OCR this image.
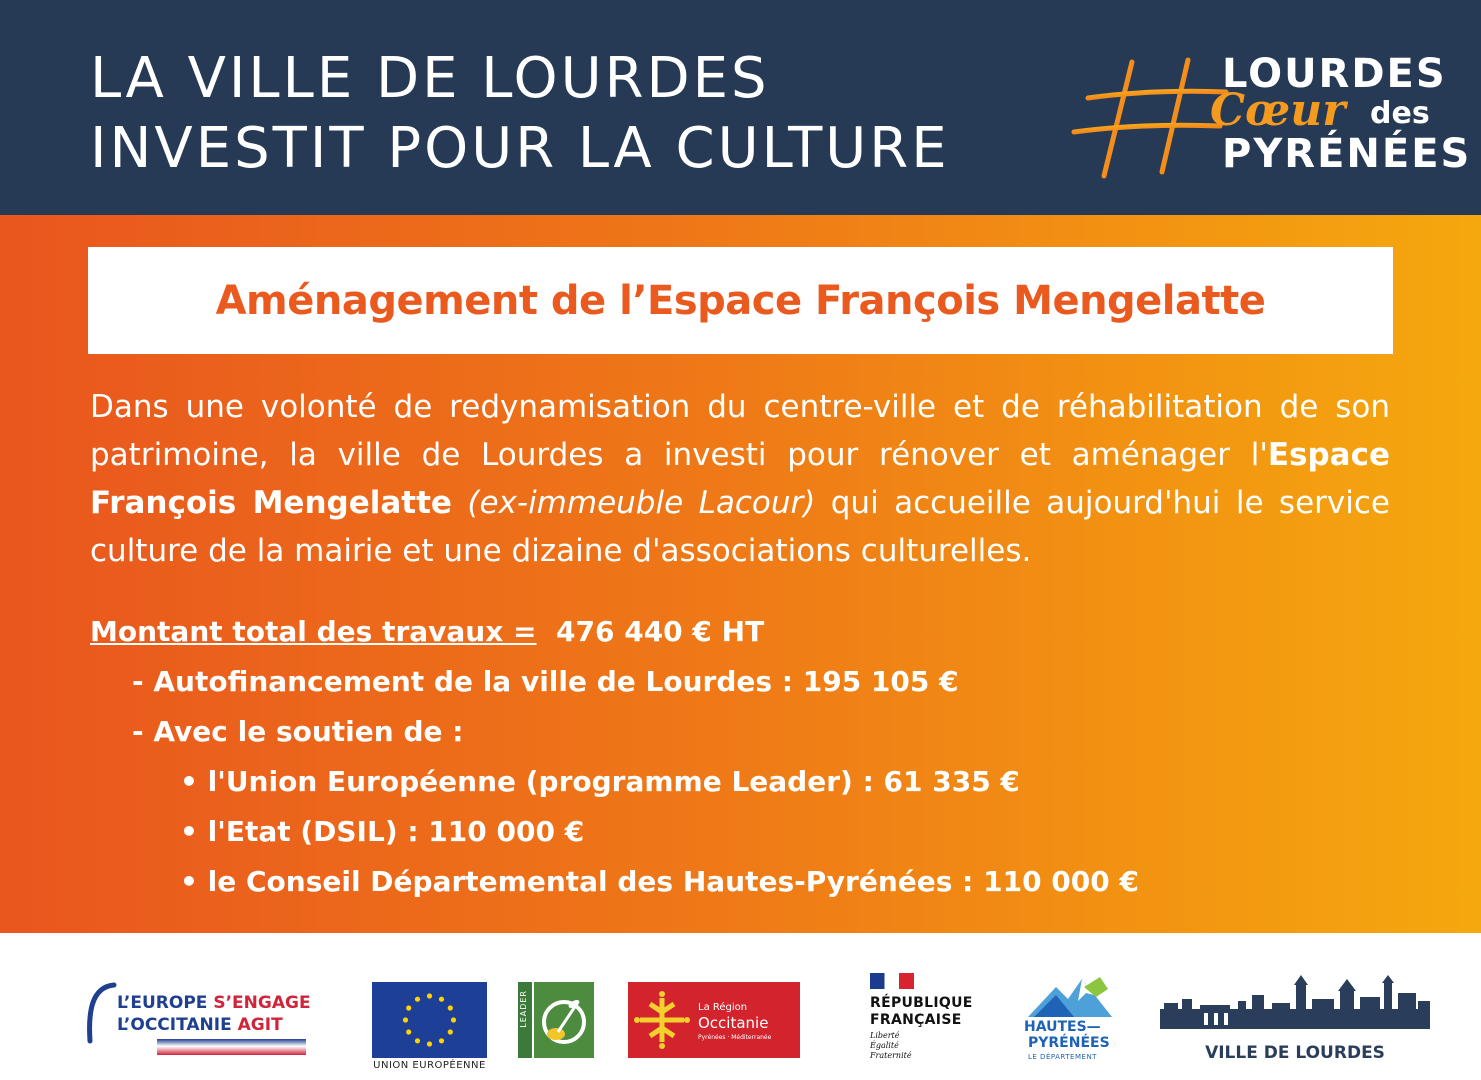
LA VILLE DE LOURDES
INVESTIT POUR LA CULTURE
LOURDES
Cœur des
PYRÉNÉES
Aménagement de l’Espace François Mengelatte
Dans une volonté de redynamisation du centre-ville et de réhabilitation de son patrimoine, la ville de Lourdes a investi pour rénover et aménager l'Espace François Mengelatte (ex-immeuble Lacour) qui accueille aujourd'hui le service culture de la mairie et une dizaine d'associations culturelles.
Montant total des travaux = 476 440 € HT
- Autofinancement de la ville de Lourdes : 195 105 €
- Avec le soutien de :
• l'Union Européenne (programme Leader) : 61 335 €
• l'Etat (DSIL) : 110 000 €
• le Conseil Départemental des Hautes-Pyrénées : 110 000 €
L’EUROPE S’ENGAGE
L’OCCITANIE AGIT
UNION EUROPÉENNE
LEADER	La Région
Occitanie
Pyrénées · Méditerranée
RÉPUBLIQUE
FRANÇAISE
Liberté
Égalité
Fraternité
HAUTES—
PYRÉNÉES
LE DÉPARTEMENT	VILLE DE LOURDES
